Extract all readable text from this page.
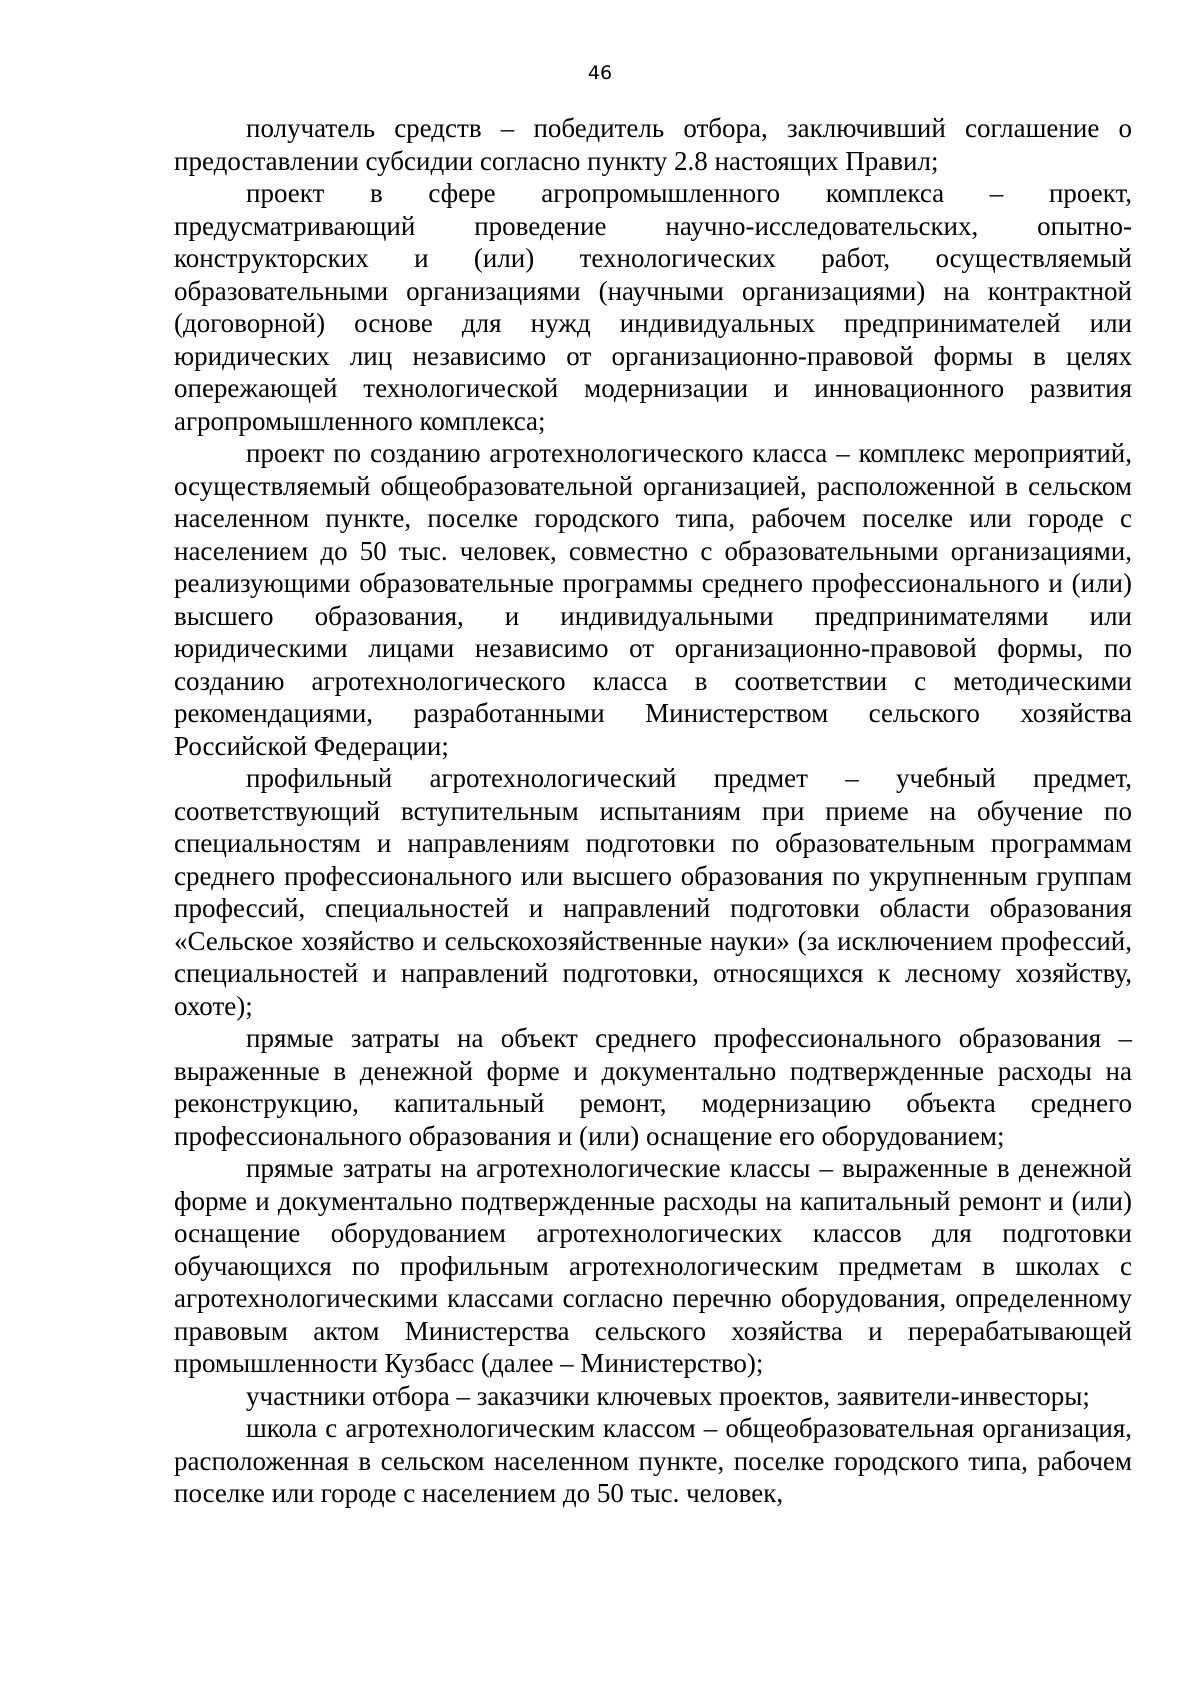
46

получатель средств – победитель отбора, заключивший соглашение о предоставлении субсидии согласно пункту 2.8 настоящих Правил;

проект в сфере агропромышленного комплекса – проект, предусматривающий проведение научно-исследовательских, опытно-конструкторских и (или) технологических работ, осуществляемый образовательными организациями (научными организациями) на контрактной (договорной) основе для нужд индивидуальных предпринимателей или юридических лиц независимо от организационно-правовой формы в целях опережающей технологической модернизации и инновационного развития агропромышленного комплекса;

проект по созданию агротехнологического класса – комплекс мероприятий, осуществляемый общеобразовательной организацией, расположенной в сельском населенном пункте, поселке городского типа, рабочем поселке или городе с населением до 50 тыс. человек, совместно с образовательными организациями, реализующими образовательные программы среднего профессионального и (или) высшего образования, и индивидуальными предпринимателями или юридическими лицами независимо от организационно-правовой формы, по созданию агротехнологического класса в соответствии с методическими рекомендациями, разработанными Министерством сельского хозяйства Российской Федерации;

профильный агротехнологический предмет – учебный предмет, соответствующий вступительным испытаниям при приеме на обучение по специальностям и направлениям подготовки по образовательным программам среднего профессионального или высшего образования по укрупненным группам профессий, специальностей и направлений подготовки области образования «Сельское хозяйство и сельскохозяйственные науки» (за исключением профессий, специальностей и направлений подготовки, относящихся к лесному хозяйству, охоте);

прямые затраты на объект среднего профессионального образования – выраженные в денежной форме и документально подтвержденные расходы на реконструкцию, капитальный ремонт, модернизацию объекта среднего профессионального образования и (или) оснащение его оборудованием;

прямые затраты на агротехнологические классы – выраженные в денежной форме и документально подтвержденные расходы на капитальный ремонт и (или) оснащение оборудованием агротехнологических классов для подготовки обучающихся по профильным агротехнологическим предметам в школах с агротехнологическими классами согласно перечню оборудования, определенному правовым актом Министерства сельского хозяйства и перерабатывающей промышленности Кузбасс (далее – Министерство);

участники отбора – заказчики ключевых проектов, заявители-инвесторы;

школа с агротехнологическим классом – общеобразовательная организация, расположенная в сельском населенном пункте, поселке городского типа, рабочем поселке или городе с населением до 50 тыс. человек,
